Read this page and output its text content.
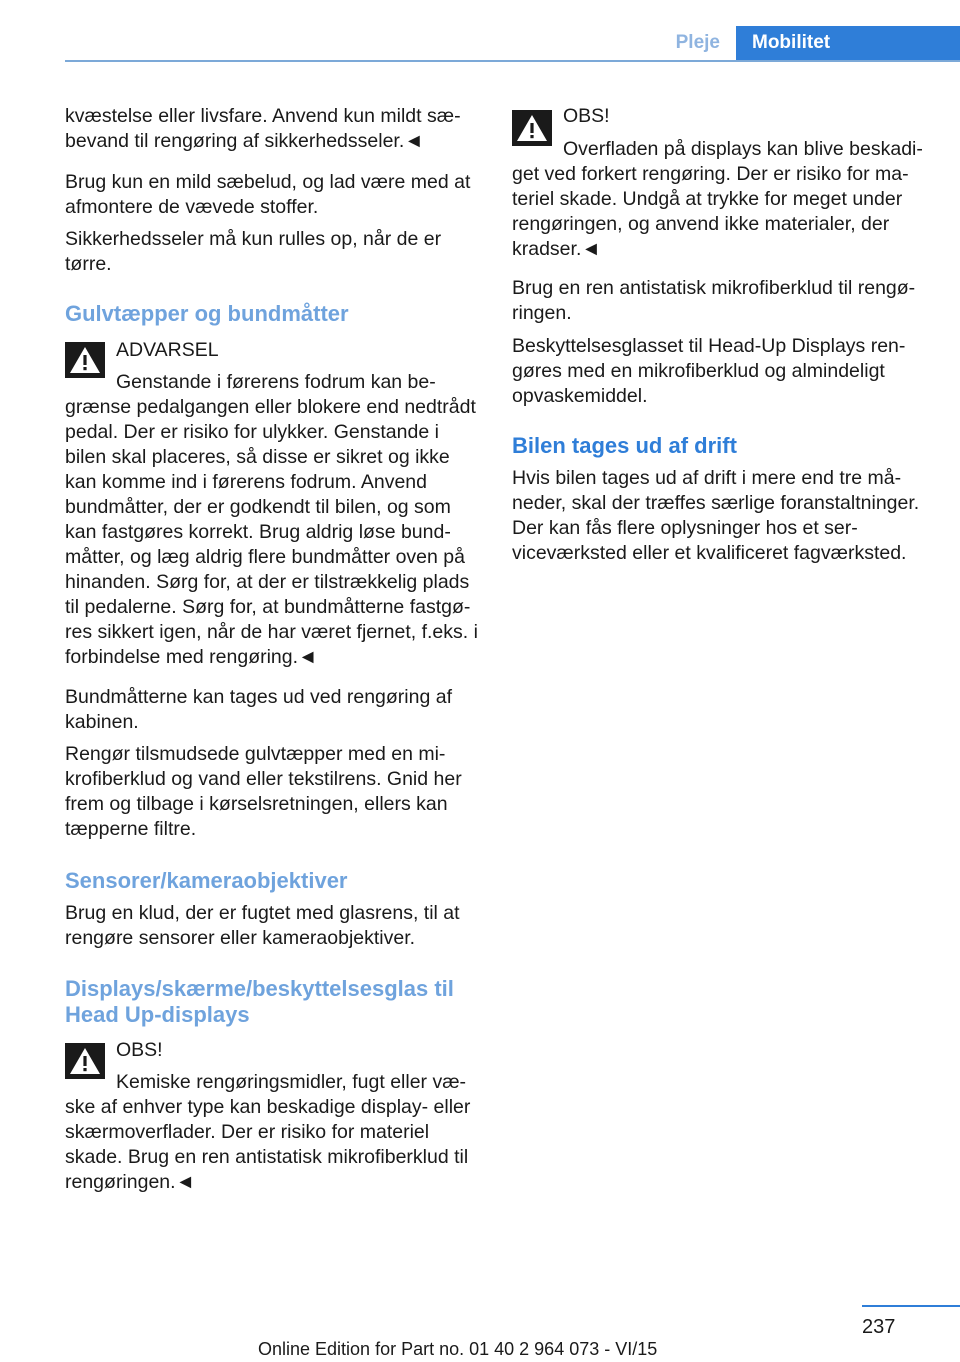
Pleje	Mobilitet

kvæstelse eller livsfare. Anvend kun mildt sæbevand til rengøring af sikkerhedsseler.◄

Brug kun en mild sæbelud, og lad være med at afmontere de vævede stoffer.

Sikkerhedsseler må kun rulles op, når de er tørre.

Gulvtæpper og bundmåtter

ADVARSEL

Genstande i førerens fodrum kan begrænse pedalgangen eller blokere end nedtrådt pedal. Der er risiko for ulykker. Genstande i bilen skal placeres, så disse er sikret og ikke kan komme ind i førerens fodrum. Anvend bundmåtter, der er godkendt til bilen, og som kan fastgøres korrekt. Brug aldrig løse bundmåtter, og læg aldrig flere bundmåtter oven på hinanden. Sørg for, at der er tilstrækkelig plads til pedalerne. Sørg for, at bundmåtterne fastgøres sikkert igen, når de har været fjernet, f.eks. i forbindelse med rengøring.◄

Bundmåtterne kan tages ud ved rengøring af kabinen.

Rengør tilsmudsede gulvtæpper med en mikrofiberklud og vand eller tekstilrens. Gnid her frem og tilbage i kørselsretningen, ellers kan tæpperne filtre.

Sensorer/kameraobjektiver

Brug en klud, der er fugtet med glasrens, til at rengøre sensorer eller kameraobjektiver.

Displays/skærme/beskyttelsesglas til Head Up-displays

OBS!

Kemiske rengøringsmidler, fugt eller væske af enhver type kan beskadige display- eller skærmoverflader. Der er risiko for materiel skade. Brug en ren antistatisk mikrofiberklud til rengøringen.◄

OBS!

Overfladen på displays kan blive beskadiget ved forkert rengøring. Der er risiko for materiel skade. Undgå at trykke for meget under rengøringen, og anvend ikke materialer, der kradser.◄

Brug en ren antistatisk mikrofiberklud til rengøringen.

Beskyttelsesglasset til Head-Up Displays rengøres med en mikrofiberklud og almindeligt opvaskemiddel.

Bilen tages ud af drift

Hvis bilen tages ud af drift i mere end tre måneder, skal der træffes særlige foranstaltninger. Der kan fås flere oplysninger hos et serviceværksted eller et kvalificeret fagværksted.

237
Online Edition for Part no. 01 40 2 964 073 - VI/15
